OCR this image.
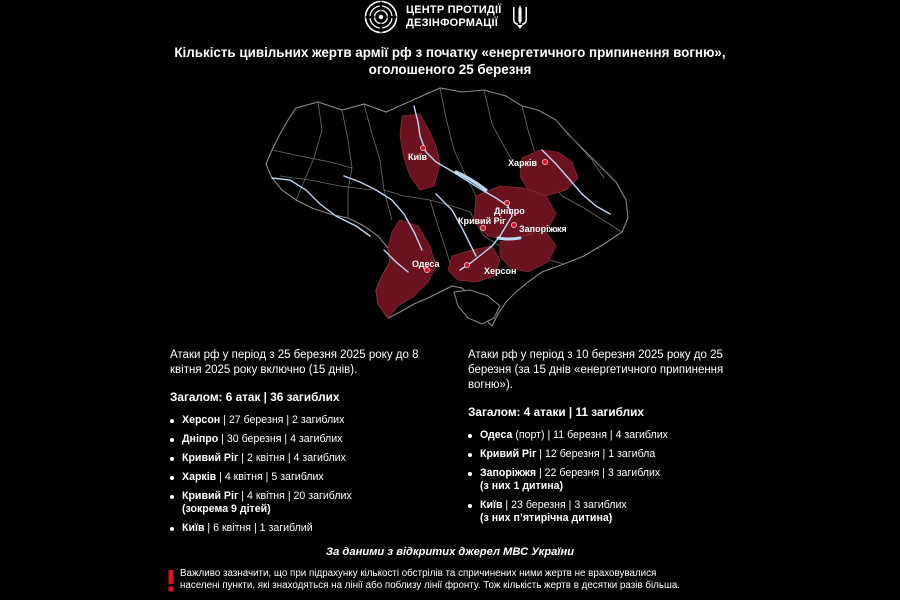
ЦЕНТР ПРОТИДІЇ
ДЕЗІНФОРМАЦІЇ
Кількість цивільних жертв армії рф з початку «енергетичного припинення вогню»,
оголошеного 25 березня
Київ
Харків
Дніпро
Кривий Ріг
Запоріжжя
Одеса
Херсон

Атаки рф у період з 25 березня 2025 року до 8 квітня 2025 року включно (15 днів).

Загалом: 6 атак | 36 загиблих

Херсон | 27 березня | 2 загиблих
Дніпро | 30 березня | 4 загиблих
Кривий Ріг | 2 квітня | 4 загиблих
Харків | 4 квітня | 5 загиблих
Кривий Ріг | 4 квітня | 20 загиблих
(зокрема 9 дітей)
Київ | 6 квітня | 1 загиблий

Атаки рф у період з 10 березня 2025 року до 25 березня (за 15 днів «енергетичного припинення вогню»).

Загалом: 4 атаки | 11 загиблих

Одеса (порт) | 11 березня | 4 загиблих
Кривий Ріг | 12 березня | 1 загибла
Запоріжжя | 22 березня | 3 загиблих
(з них 1 дитина)
Київ | 23 березня | 3 загиблих
(з них п’ятирічна дитина)
За даними з відкритих джерел МВС України
Важливо зазначити, що при підрахунку кількості обстрілів та спричинених ними жертв не враховувалися
населені пункти, які знаходяться на лінії або поблизу лінії фронту. Тож кількість жертв в десятки разів більша.
